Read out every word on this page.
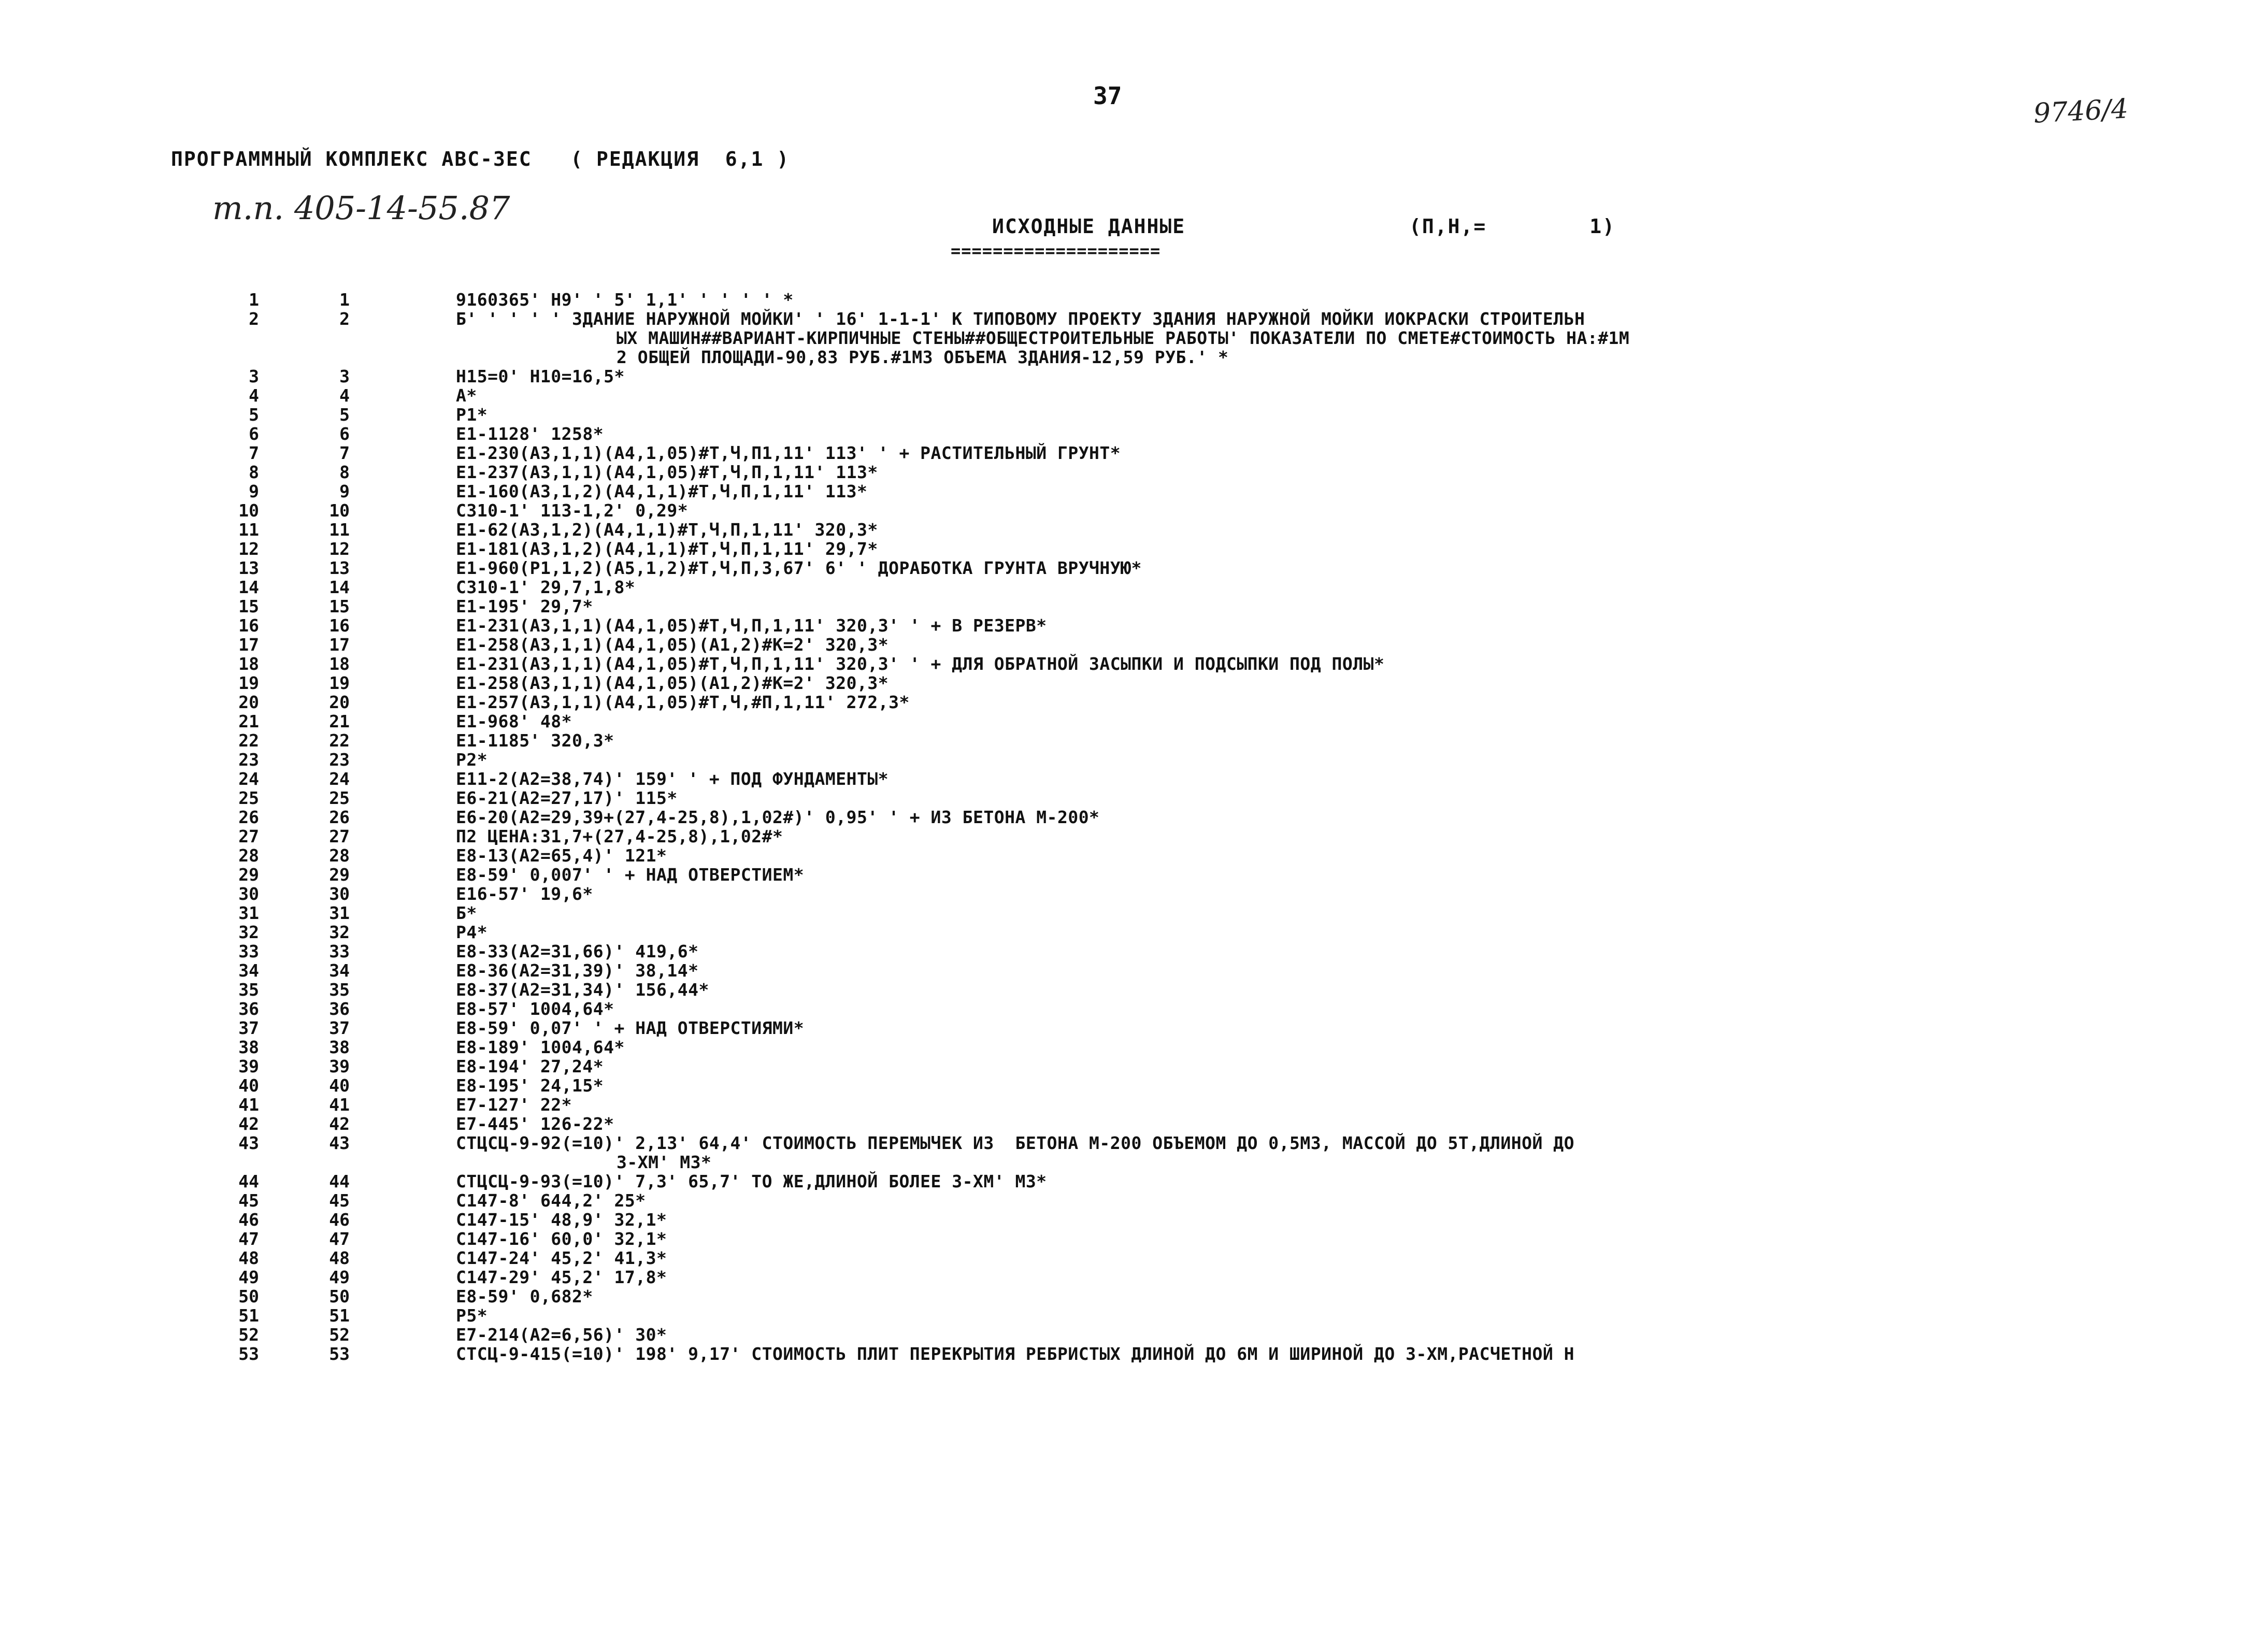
37	9746/4
ПРОГРАММНЫЙ КОМПЛЕКС АВС-3ЕС   ( РЕДАКЦИЯ  6,1 )
т.п. 405-14-55.87	ИСХОДНЫЕ ДАННЫЕ	(П,Н,=        1)
====================
1	1	9160365' Н9' ' 5' 1,1' ' ' ' ' *
2	2	Б' ' ' ' ' ЗДАНИЕ НАРУЖНОЙ МОЙКИ' ' 16' 1-1-1' К ТИПОВОМУ ПРОЕКТУ ЗДАНИЯ НАРУЖНОЙ МОЙКИ ИОКРАСКИ СТРОИТЕЛЬН
ЫХ МАШИН##ВАРИАНТ-КИРПИЧНЫЕ СТЕНЫ##ОБЩЕСТРОИТЕЛЬНЫЕ РАБОТЫ' ПОКАЗАТЕЛИ ПО СМЕТЕ#СТОИМОСТЬ НА:#1М
2 ОБЩЕЙ ПЛОЩАДИ-90,83 РУБ.#1М3 ОБЪЕМА ЗДАНИЯ-12,59 РУБ.' *
3	3	Н15=0' Н10=16,5*
4	4	А*
5	5	Р1*
6	6	Е1-1128' 1258*
7	7	Е1-230(А3,1,1)(А4,1,05)#Т,Ч,П1,11' 113' ' + РАСТИТЕЛЬНЫЙ ГРУНТ*
8	8	Е1-237(А3,1,1)(А4,1,05)#Т,Ч,П,1,11' 113*
9	9	Е1-160(А3,1,2)(А4,1,1)#Т,Ч,П,1,11' 113*
10	10	С310-1' 113-1,2' 0,29*
11	11	Е1-62(А3,1,2)(А4,1,1)#Т,Ч,П,1,11' 320,3*
12	12	Е1-181(А3,1,2)(А4,1,1)#Т,Ч,П,1,11' 29,7*
13	13	Е1-960(Р1,1,2)(А5,1,2)#Т,Ч,П,3,67' 6' ' ДОРАБОТКА ГРУНТА ВРУЧНУЮ*
14	14	С310-1' 29,7,1,8*
15	15	Е1-195' 29,7*
16	16	Е1-231(А3,1,1)(А4,1,05)#Т,Ч,П,1,11' 320,3' ' + В РЕЗЕРВ*
17	17	Е1-258(А3,1,1)(А4,1,05)(А1,2)#К=2' 320,3*
18	18	Е1-231(А3,1,1)(А4,1,05)#Т,Ч,П,1,11' 320,3' ' + ДЛЯ ОБРАТНОЙ ЗАСЫПКИ И ПОДСЫПКИ ПОД ПОЛЫ*
19	19	Е1-258(А3,1,1)(А4,1,05)(А1,2)#К=2' 320,3*
20	20	Е1-257(А3,1,1)(А4,1,05)#Т,Ч,#П,1,11' 272,3*
21	21	Е1-968' 48*
22	22	Е1-1185' 320,3*
23	23	Р2*
24	24	Е11-2(А2=38,74)' 159' ' + ПОД ФУНДАМЕНТЫ*
25	25	Е6-21(А2=27,17)' 115*
26	26	Е6-20(А2=29,39+(27,4-25,8),1,02#)' 0,95' ' + ИЗ БЕТОНА М-200*
27	27	П2 ЦЕНА:31,7+(27,4-25,8),1,02#*
28	28	Е8-13(А2=65,4)' 121*
29	29	Е8-59' 0,007' ' + НАД ОТВЕРСТИЕМ*
30	30	Е16-57' 19,6*
31	31	Б*
32	32	Р4*
33	33	Е8-33(А2=31,66)' 419,6*
34	34	Е8-36(А2=31,39)' 38,14*
35	35	Е8-37(А2=31,34)' 156,44*
36	36	Е8-57' 1004,64*
37	37	Е8-59' 0,07' ' + НАД ОТВЕРСТИЯМИ*
38	38	Е8-189' 1004,64*
39	39	Е8-194' 27,24*
40	40	Е8-195' 24,15*
41	41	Е7-127' 22*
42	42	Е7-445' 126-22*
43	43	СТЦСЦ-9-92(=10)' 2,13' 64,4' СТОИМОСТЬ ПЕРЕМЫЧЕК ИЗ  БЕТОНА М-200 ОБЪЕМОМ ДО 0,5М3, МАССОЙ ДО 5Т,ДЛИНОЙ ДО
3-ХМ' М3*
44	44	СТЦСЦ-9-93(=10)' 7,3' 65,7' ТО ЖЕ,ДЛИНОЙ БОЛЕЕ 3-ХМ' М3*
45	45	С147-8' 644,2' 25*
46	46	С147-15' 48,9' 32,1*
47	47	С147-16' 60,0' 32,1*
48	48	С147-24' 45,2' 41,3*
49	49	С147-29' 45,2' 17,8*
50	50	Е8-59' 0,682*
51	51	Р5*
52	52	Е7-214(А2=6,56)' 30*
53	53	СТСЦ-9-415(=10)' 198' 9,17' СТОИМОСТЬ ПЛИТ ПЕРЕКРЫТИЯ РЕБРИСТЫХ ДЛИНОЙ ДО 6М И ШИРИНОЙ ДО 3-ХМ,РАСЧЕТНОЙ Н
